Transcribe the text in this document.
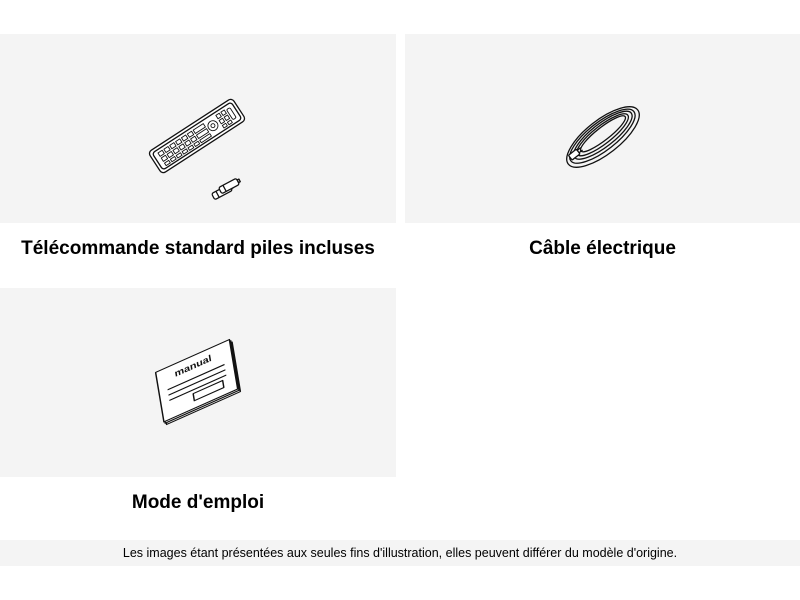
Télécommande standard piles incluses	Câble électrique
manual
Mode d'emploi
Les images étant présentées aux seules fins d'illustration, elles peuvent différer du modèle d'origine.
